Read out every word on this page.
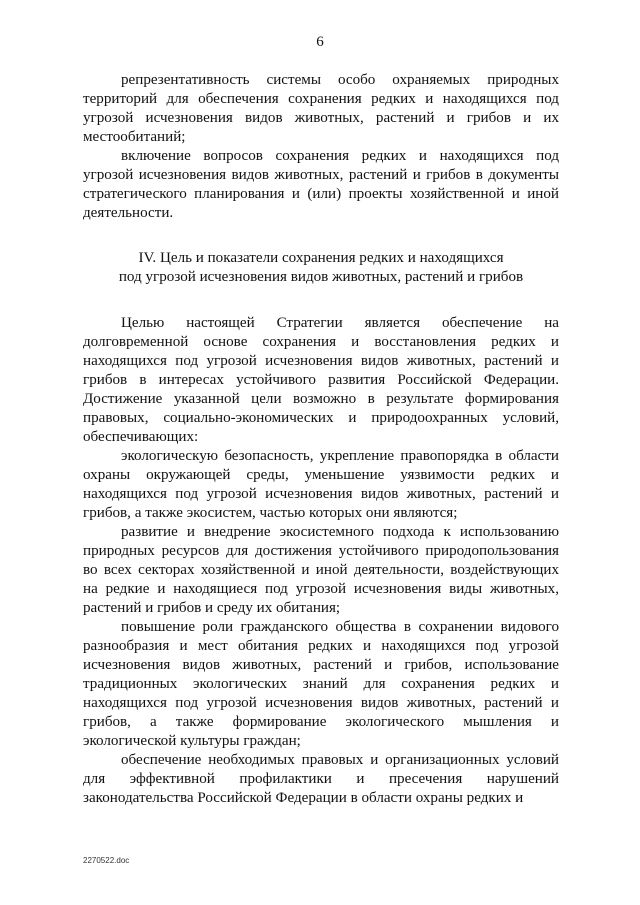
6

репрезентативность системы особо охраняемых природных территорий для обеспечения сохранения редких и находящихся под угрозой исчезновения видов животных, растений и грибов и их местообитаний;

включение вопросов сохранения редких и находящихся под угрозой исчезновения видов животных, растений и грибов в документы стратегического планирования и (или) проекты хозяйственной и иной деятельности.

IV. Цель и показатели сохранения редких и находящихся
под угрозой исчезновения видов животных, растений и грибов

Целью настоящей Стратегии является обеспечение на долговременной основе сохранения и восстановления редких и находящихся под угрозой исчезновения видов животных, растений и грибов в интересах устойчивого развития Российской Федерации. Достижение указанной цели возможно в результате формирования правовых, социально-экономических и природоохранных условий, обеспечивающих:

экологическую безопасность, укрепление правопорядка в области охраны окружающей среды, уменьшение уязвимости редких и находящихся под угрозой исчезновения видов животных, растений и грибов, а также экосистем, частью которых они являются;

развитие и внедрение экосистемного подхода к использованию природных ресурсов для достижения устойчивого природопользования во всех секторах хозяйственной и иной деятельности, воздействующих на редкие и находящиеся под угрозой исчезновения виды животных, растений и грибов и среду их обитания;

повышение роли гражданского общества в сохранении видового разнообразия и мест обитания редких и находящихся под угрозой исчезновения видов животных, растений и грибов, использование традиционных экологических знаний для сохранения редких и находящихся под угрозой исчезновения видов животных, растений и грибов, а также формирование экологического мышления и экологической культуры граждан;

обеспечение необходимых правовых и организационных условий для эффективной профилактики и пресечения нарушений законодательства Российской Федерации в области охраны редких и

2270522.doc
